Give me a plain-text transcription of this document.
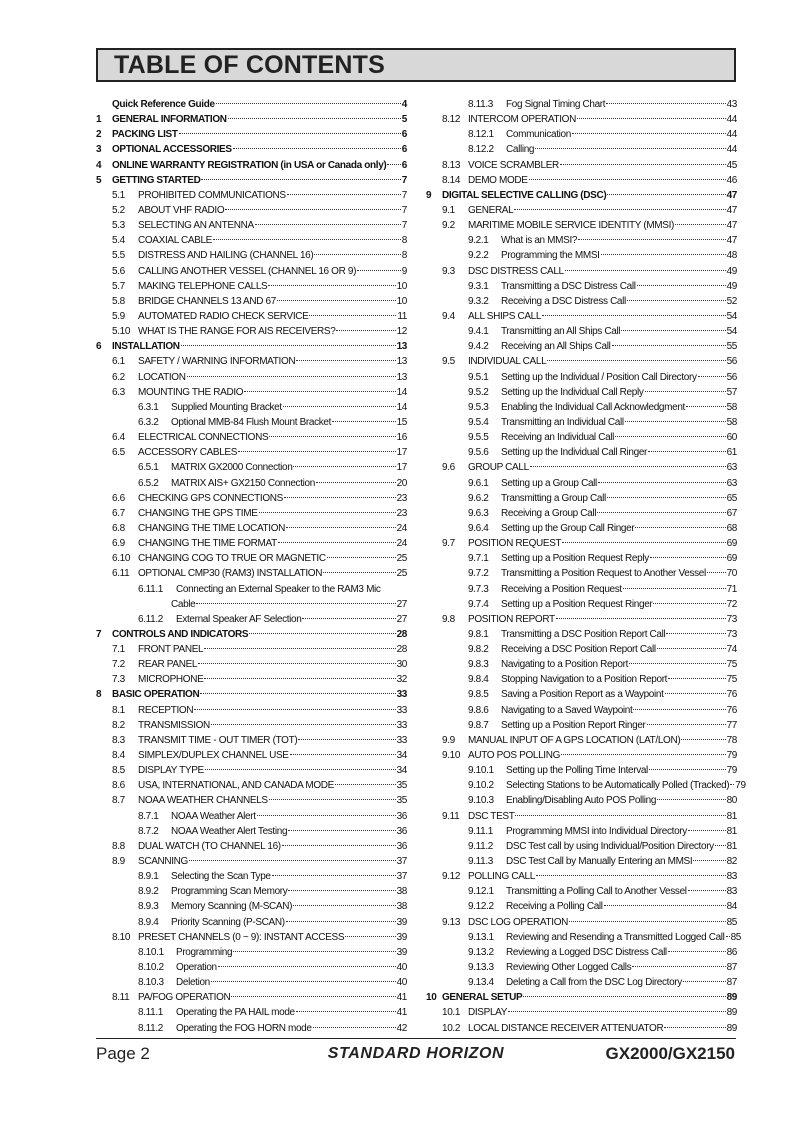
TABLE OF CONTENTS
Quick Reference Guide	4
1	GENERAL INFORMATION	5
2	PACKING LIST	6
3	OPTIONAL ACCESSORIES	6
4	ONLINE WARRANTY REGISTRATION (in USA or Canada only) 6
5	GETTING STARTED	7
5.1	PROHIBITED COMMUNICATIONS	7
5.2	ABOUT VHF RADIO	7
5.3	SELECTING AN ANTENNA	7
5.4	COAXIAL CABLE	8
5.5	DISTRESS AND HAILING (CHANNEL 16)	8
5.6	CALLING ANOTHER VESSEL (CHANNEL 16 OR 9)	9
5.7	MAKING TELEPHONE CALLS	10
5.8	BRIDGE CHANNELS 13 AND 67	10
5.9	AUTOMATED RADIO CHECK SERVICE	11
5.10 WHAT IS THE RANGE FOR AIS RECEIVERS?	12
6	INSTALLATION	13
6.1	SAFETY / WARNING INFORMATION	13
6.2	LOCATION	13
6.3	MOUNTING THE RADIO	14
6.3.1	Supplied Mounting Bracket	14
6.3.2	Optional MMB-84 Flush Mount Bracket	15
6.4	ELECTRICAL CONNECTIONS	16
6.5	ACCESSORY CABLES	17
6.5.1	MATRIX GX2000 Connection	17
6.5.2	MATRIX AIS+ GX2150 Connection	20
6.6	CHECKING GPS CONNECTIONS	23
6.7	CHANGING THE GPS TIME	23
6.8	CHANGING THE TIME LOCATION	24
6.9	CHANGING THE TIME FORMAT	24
6.10 CHANGING COG TO TRUE OR MAGNETIC	25
6.11 OPTIONAL CMP30 (RAM3) INSTALLATION	25
6.11.1	Connecting an External Speaker to the RAM3 Mic
Cable	27
6.11.2	External Speaker AF Selection	27
7	CONTROLS AND INDICATORS	28
7.1	FRONT PANEL	28
7.2	REAR PANEL	30
7.3	MICROPHONE	32
8	BASIC OPERATION	33
8.1	RECEPTION	33
8.2	TRANSMISSION	33
8.3	TRANSMIT TIME - OUT TIMER (TOT)	33
8.4	SIMPLEX/DUPLEX CHANNEL USE	34
8.5	DISPLAY TYPE	34
8.6	USA, INTERNATIONAL, AND CANADA MODE	35
8.7	NOAA WEATHER CHANNELS	35
8.7.1	NOAA Weather Alert	36
8.7.2	NOAA Weather Alert Testing	36
8.8	DUAL WATCH (TO CHANNEL 16)	36
8.9	SCANNING	37
8.9.1	Selecting the Scan Type	37
8.9.2	Programming Scan Memory	38
8.9.3	Memory Scanning (M-SCAN)	38
8.9.4	Priority Scanning (P-SCAN)	39
8.10 PRESET CHANNELS (0 ~ 9): INSTANT ACCESS	39
8.10.1	Programming	39
8.10.2	Operation	40
8.10.3	Deletion	40
8.11 PA/FOG OPERATION	41
8.11.1	Operating the PA HAIL mode	41
8.11.2	Operating the FOG HORN mode	42
8.11.3	Fog Signal Timing Chart	43
8.12 INTERCOM OPERATION	44
8.12.1	Communication	44
8.12.2	Calling	44
8.13 VOICE SCRAMBLER	45
8.14 DEMO MODE	46
9	DIGITAL SELECTIVE CALLING (DSC)	47
9.1	GENERAL	47
9.2	MARITIME MOBILE SERVICE IDENTITY (MMSI)	47
9.2.1	What is an MMSI?	47
9.2.2	Programming the MMSI	48
9.3	DSC DISTRESS CALL	49
9.3.1	Transmitting a DSC Distress Call	49
9.3.2	Receiving a DSC Distress Call	52
9.4	ALL SHIPS CALL	54
9.4.1	Transmitting an All Ships Call	54
9.4.2	Receiving an All Ships Call	55
9.5	INDIVIDUAL CALL	56
9.5.1	Setting up the Individual / Position Call Directory	56
9.5.2	Setting up the Individual Call Reply	57
9.5.3	Enabling the Individual Call Acknowledgment	58
9.5.4	Transmitting an Individual Call	58
9.5.5	Receiving an Individual Call	60
9.5.6	Setting up the Individual Call Ringer	61
9.6	GROUP CALL	63
9.6.1	Setting up a Group Call	63
9.6.2	Transmitting a Group Call	65
9.6.3	Receiving a Group Call	67
9.6.4	Setting up the Group Call Ringer	68
9.7	POSITION REQUEST	69
9.7.1	Setting up a Position Request Reply	69
9.7.2	Transmitting a Position Request to Another Vessel 70
9.7.3	Receiving a Position Request	71
9.7.4	Setting up a Position Request Ringer	72
9.8	POSITION REPORT	73
9.8.1	Transmitting a DSC Position Report Call	73
9.8.2	Receiving a DSC Position Report Call	74
9.8.3	Navigating to a Position Report	75
9.8.4	Stopping Navigation to a Position Report	75
9.8.5	Saving a Position Report as a Waypoint	76
9.8.6	Navigating to a Saved Waypoint	76
9.8.7	Setting up a Position Report Ringer	77
9.9	MANUAL INPUT OF A GPS LOCATION (LAT/LON)	78
9.10 AUTO POS POLLING	79
9.10.1	Setting up the Polling Time Interval	79
9.10.2	Selecting Stations to be Automatically Polled (Tracked) 79
9.10.3	Enabling/Disabling Auto POS Polling	80
9.11 DSC TEST	81
9.11.1	Programming MMSI into Individual Directory	81
9.11.2	DSC Test call by using Individual/Position Directory 81
9.11.3	DSC Test Call by Manually Entering an MMSI	82
9.12 POLLING CALL	83
9.12.1	Transmitting a Polling Call to Another Vessel	83
9.12.2	Receiving a Polling Call	84
9.13 DSC LOG OPERATION	85
9.13.1	Reviewing and Resending a Transmitted Logged Call 85
9.13.2	Reviewing a Logged DSC Distress Call	86
9.13.3	Reviewing Other Logged Calls	87
9.13.4	Deleting a Call from the DSC Log Directory	87
10 GENERAL SETUP	89
10.1 DISPLAY	89
10.2 LOCAL DISTANCE RECEIVER ATTENUATOR	89
Page 2	STANDARD HORIZON	GX2000/GX2150
